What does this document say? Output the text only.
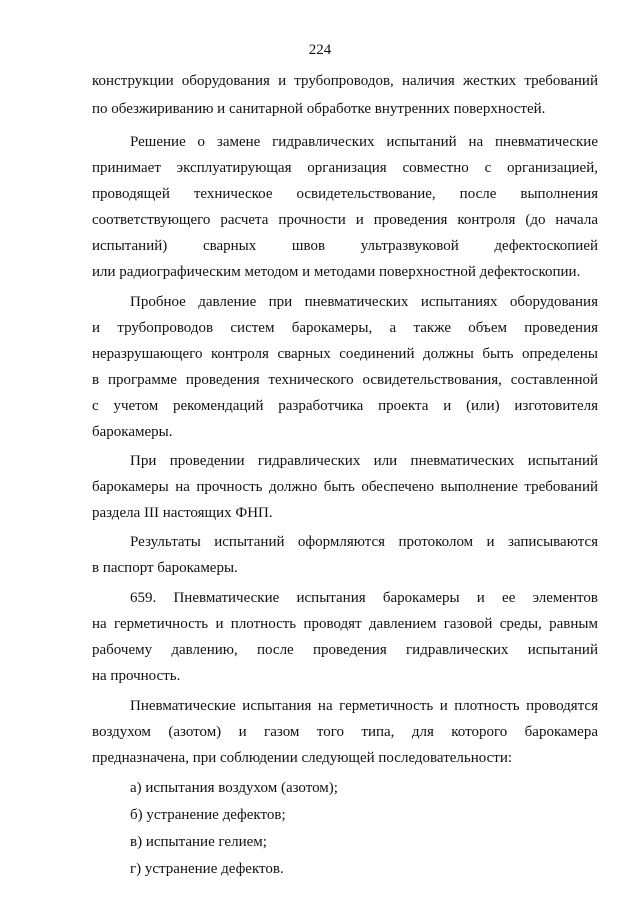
224
конструкции оборудования и трубопроводов, наличия жестких требований
по обезжириванию и санитарной обработке внутренних поверхностей.
Решение о замене гидравлических испытаний на пневматические
принимает эксплуатирующая организация совместно с организацией,
проводящей техническое освидетельствование, после выполнения
соответствующего расчета прочности и проведения контроля (до начала
испытаний) сварных швов ультразвуковой дефектоскопией
или радиографическим методом и методами поверхностной дефектоскопии.
Пробное давление при пневматических испытаниях оборудования
и трубопроводов систем барокамеры, а также объем проведения
неразрушающего контроля сварных соединений должны быть определены
в программе проведения технического освидетельствования, составленной
с учетом рекомендаций разработчика проекта и (или) изготовителя
барокамеры.
При проведении гидравлических или пневматических испытаний
барокамеры на прочность должно быть обеспечено выполнение требований
раздела III настоящих ФНП.
Результаты испытаний оформляются протоколом и записываются
в паспорт барокамеры.
659. Пневматические испытания барокамеры и ее элементов
на герметичность и плотность проводят давлением газовой среды, равным
рабочему давлению, после проведения гидравлических испытаний
на прочность.
Пневматические испытания на герметичность и плотность проводятся
воздухом (азотом) и газом того типа, для которого барокамера
предназначена, при соблюдении следующей последовательности:
а) испытания воздухом (азотом);
б) устранение дефектов;
в) испытание гелием;
г) устранение дефектов.
